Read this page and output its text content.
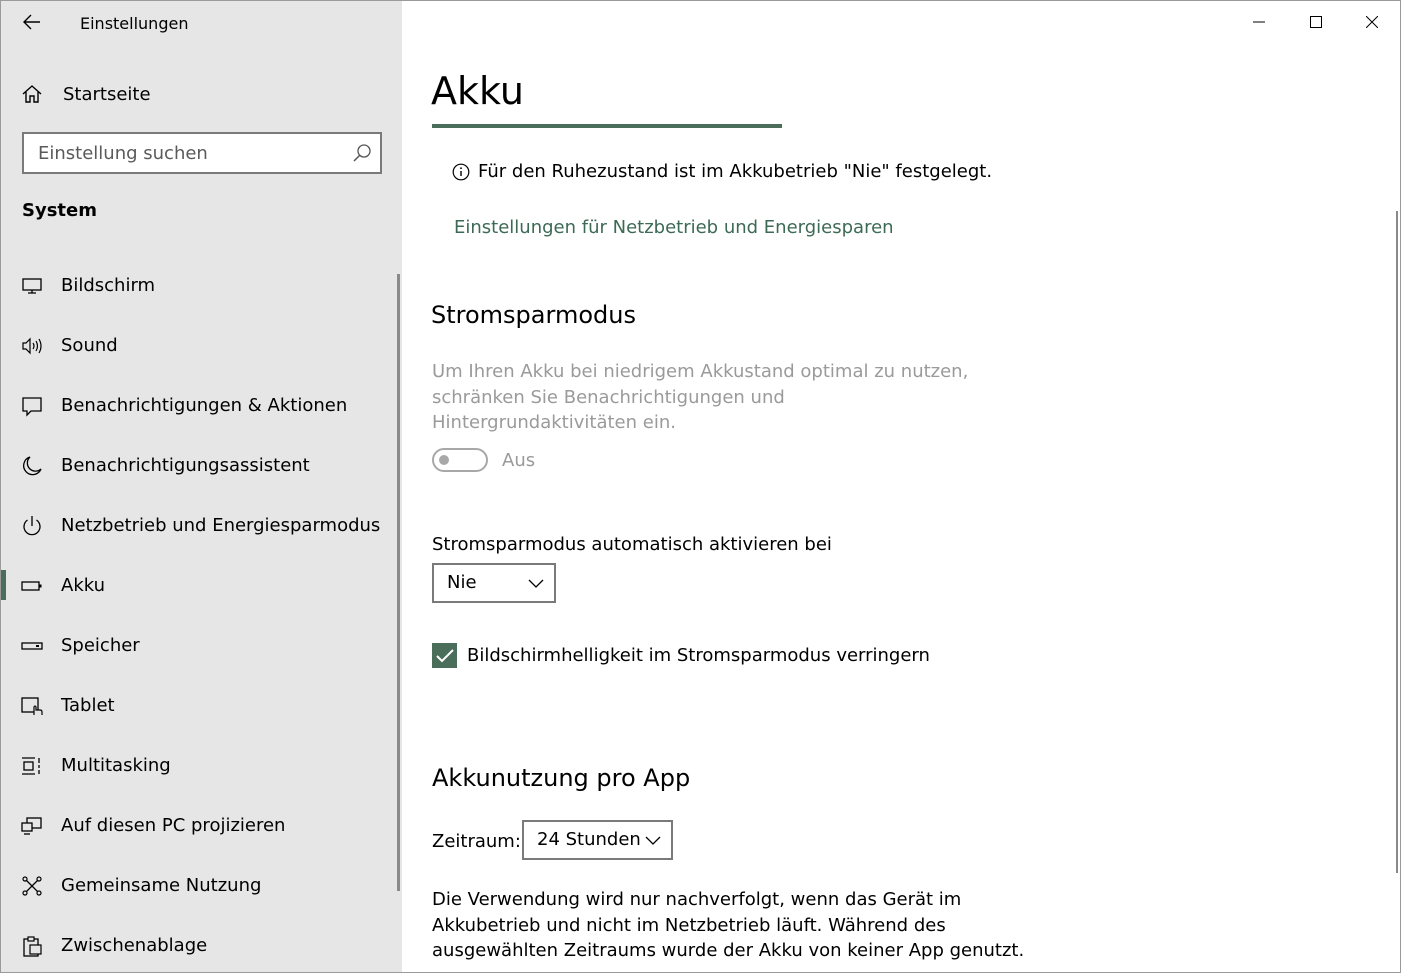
Einstellungen
Startseite
Einstellung suchen
System
Bildschirm
Sound
Benachrichtigungen & Aktionen
Benachrichtigungsassistent
Netzbetrieb und Energiesparmodus
Akku
Speicher
Tablet
Multitasking
Auf diesen PC projizieren
Gemeinsame Nutzung
Zwischenablage
Akku
Für den Ruhezustand ist im Akkubetrieb "Nie" festgelegt.
Einstellungen für Netzbetrieb und Energiesparen
Stromsparmodus
Um Ihren Akku bei niedrigem Akkustand optimal zu nutzen, schränken Sie Benachrichtigungen und Hintergrundaktivitäten ein.
Aus
Stromsparmodus automatisch aktivieren bei
Nie
Bildschirmhelligkeit im Stromsparmodus verringern
Akkunutzung pro App
Zeitraum: 24 Stunden
Die Verwendung wird nur nachverfolgt, wenn das Gerät im Akkubetrieb und nicht im Netzbetrieb läuft. Während des ausgewählten Zeitraums wurde der Akku von keiner App genutzt.
